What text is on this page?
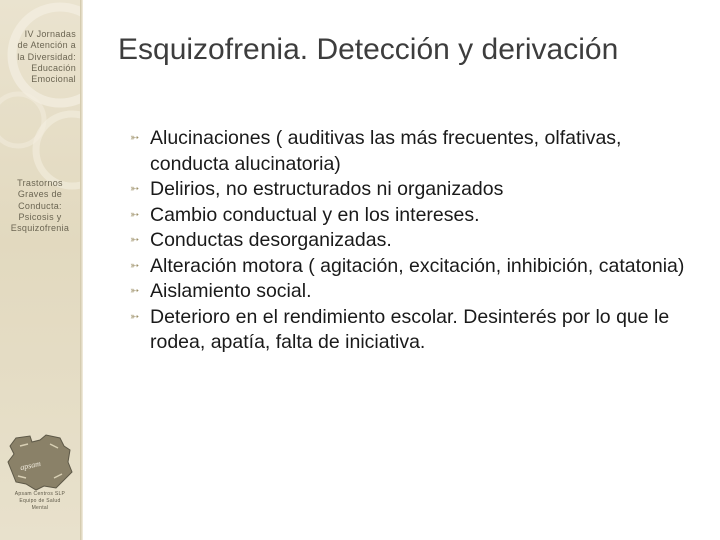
IV Jornadas
de Atención a
la Diversidad:
Educación
Emocional
Trastornos
Graves de
Conducta:
Psicosis y
Esquizofrenia
apsam
Apsam Centros SLP
Equipo de Salud
Mental
Esquizofrenia. Detección y derivación
➳ Alucinaciones ( auditivas las más frecuentes, olfativas, conducta alucinatoria)
➳ Delirios, no estructurados ni organizados
➳ Cambio conductual y en los intereses.
➳ Conductas desorganizadas.
➳ Alteración motora ( agitación, excitación, inhibición, catatonia)
➳ Aislamiento social.
➳ Deterioro en el rendimiento escolar. Desinterés por lo que le rodea, apatía, falta de iniciativa.
